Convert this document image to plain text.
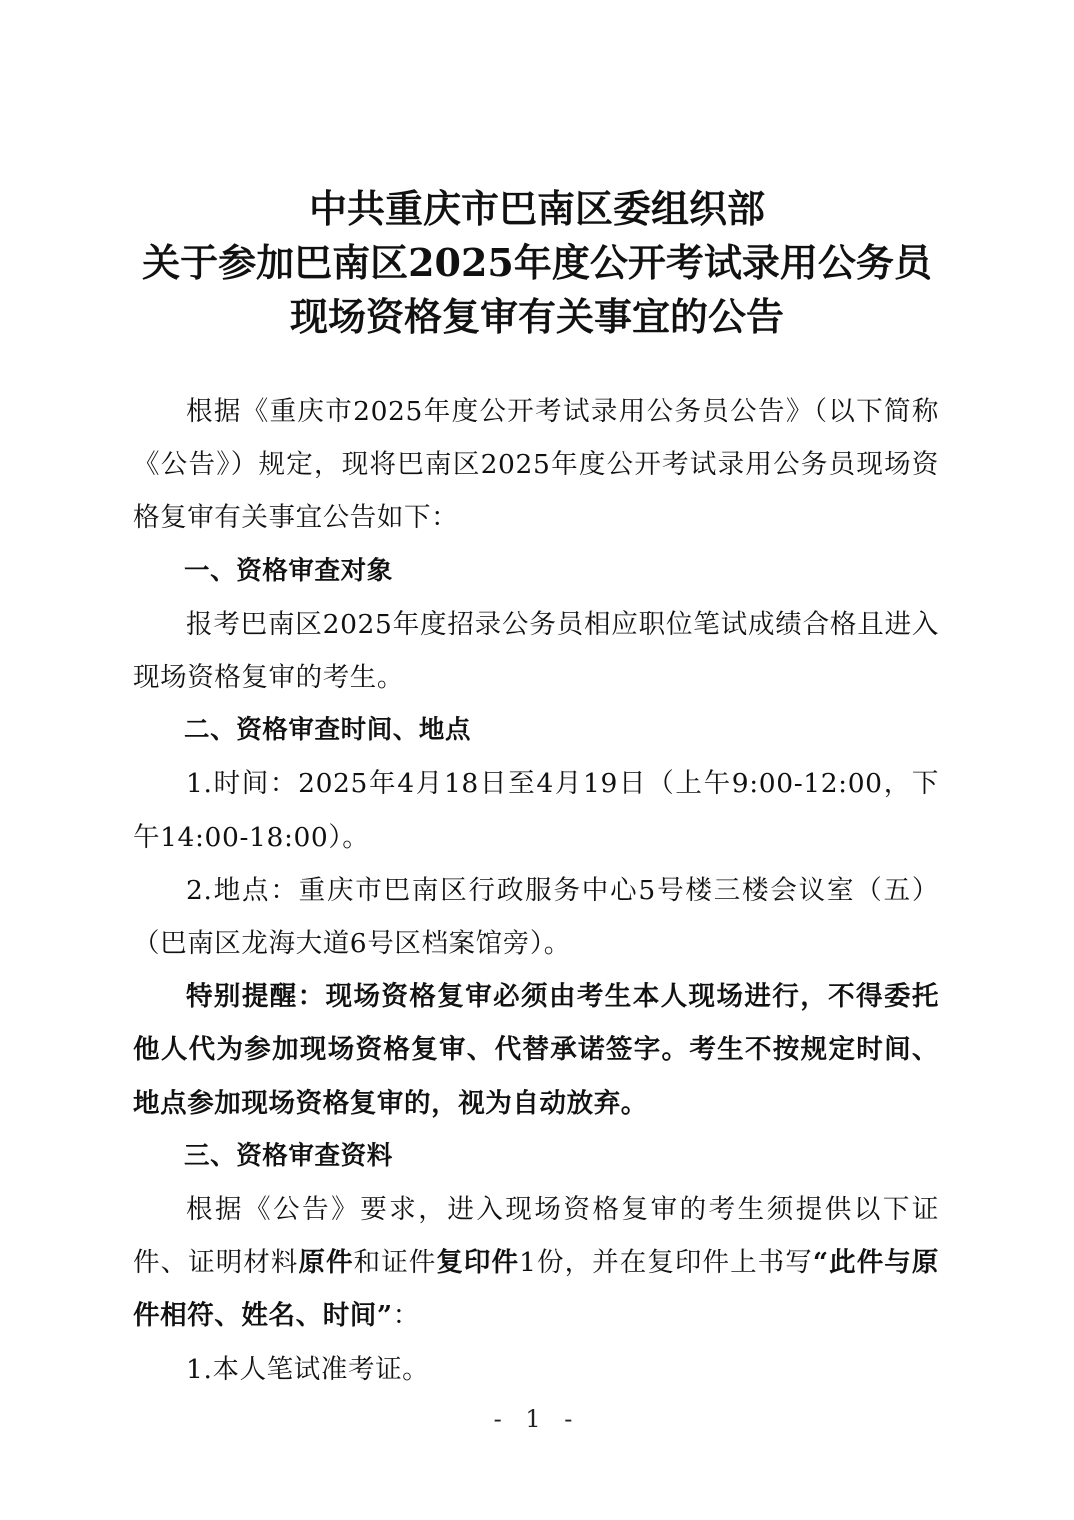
中共重庆市巴南区委组织部
关于参加巴南区2025年度公开考试录用公务员
现场资格复审有关事宜的公告

根据《重庆市2025年度公开考试录用公务员公告》（以下简称《公告》）规定，现将巴南区2025年度公开考试录用公务员现场资格复审有关事宜公告如下：

一、资格审查对象

报考巴南区2025年度招录公务员相应职位笔试成绩合格且进入现场资格复审的考生。

二、资格审查时间、地点

1.时间：2025年4月18日至4月19日（上午9:00-12:00，下午14:00-18:00）。

2.地点：重庆市巴南区行政服务中心5号楼三楼会议室（五）（巴南区龙海大道6号区档案馆旁）。

特别提醒：现场资格复审必须由考生本人现场进行，不得委托他人代为参加现场资格复审、代替承诺签字。考生不按规定时间、地点参加现场资格复审的，视为自动放弃。

三、资格审查资料

根据《公告》要求，进入现场资格复审的考生须提供以下证件、证明材料原件和证件复印件1份，并在复印件上书写“此件与原件相符、姓名、时间”：

1.本人笔试准考证。

- 1 -
